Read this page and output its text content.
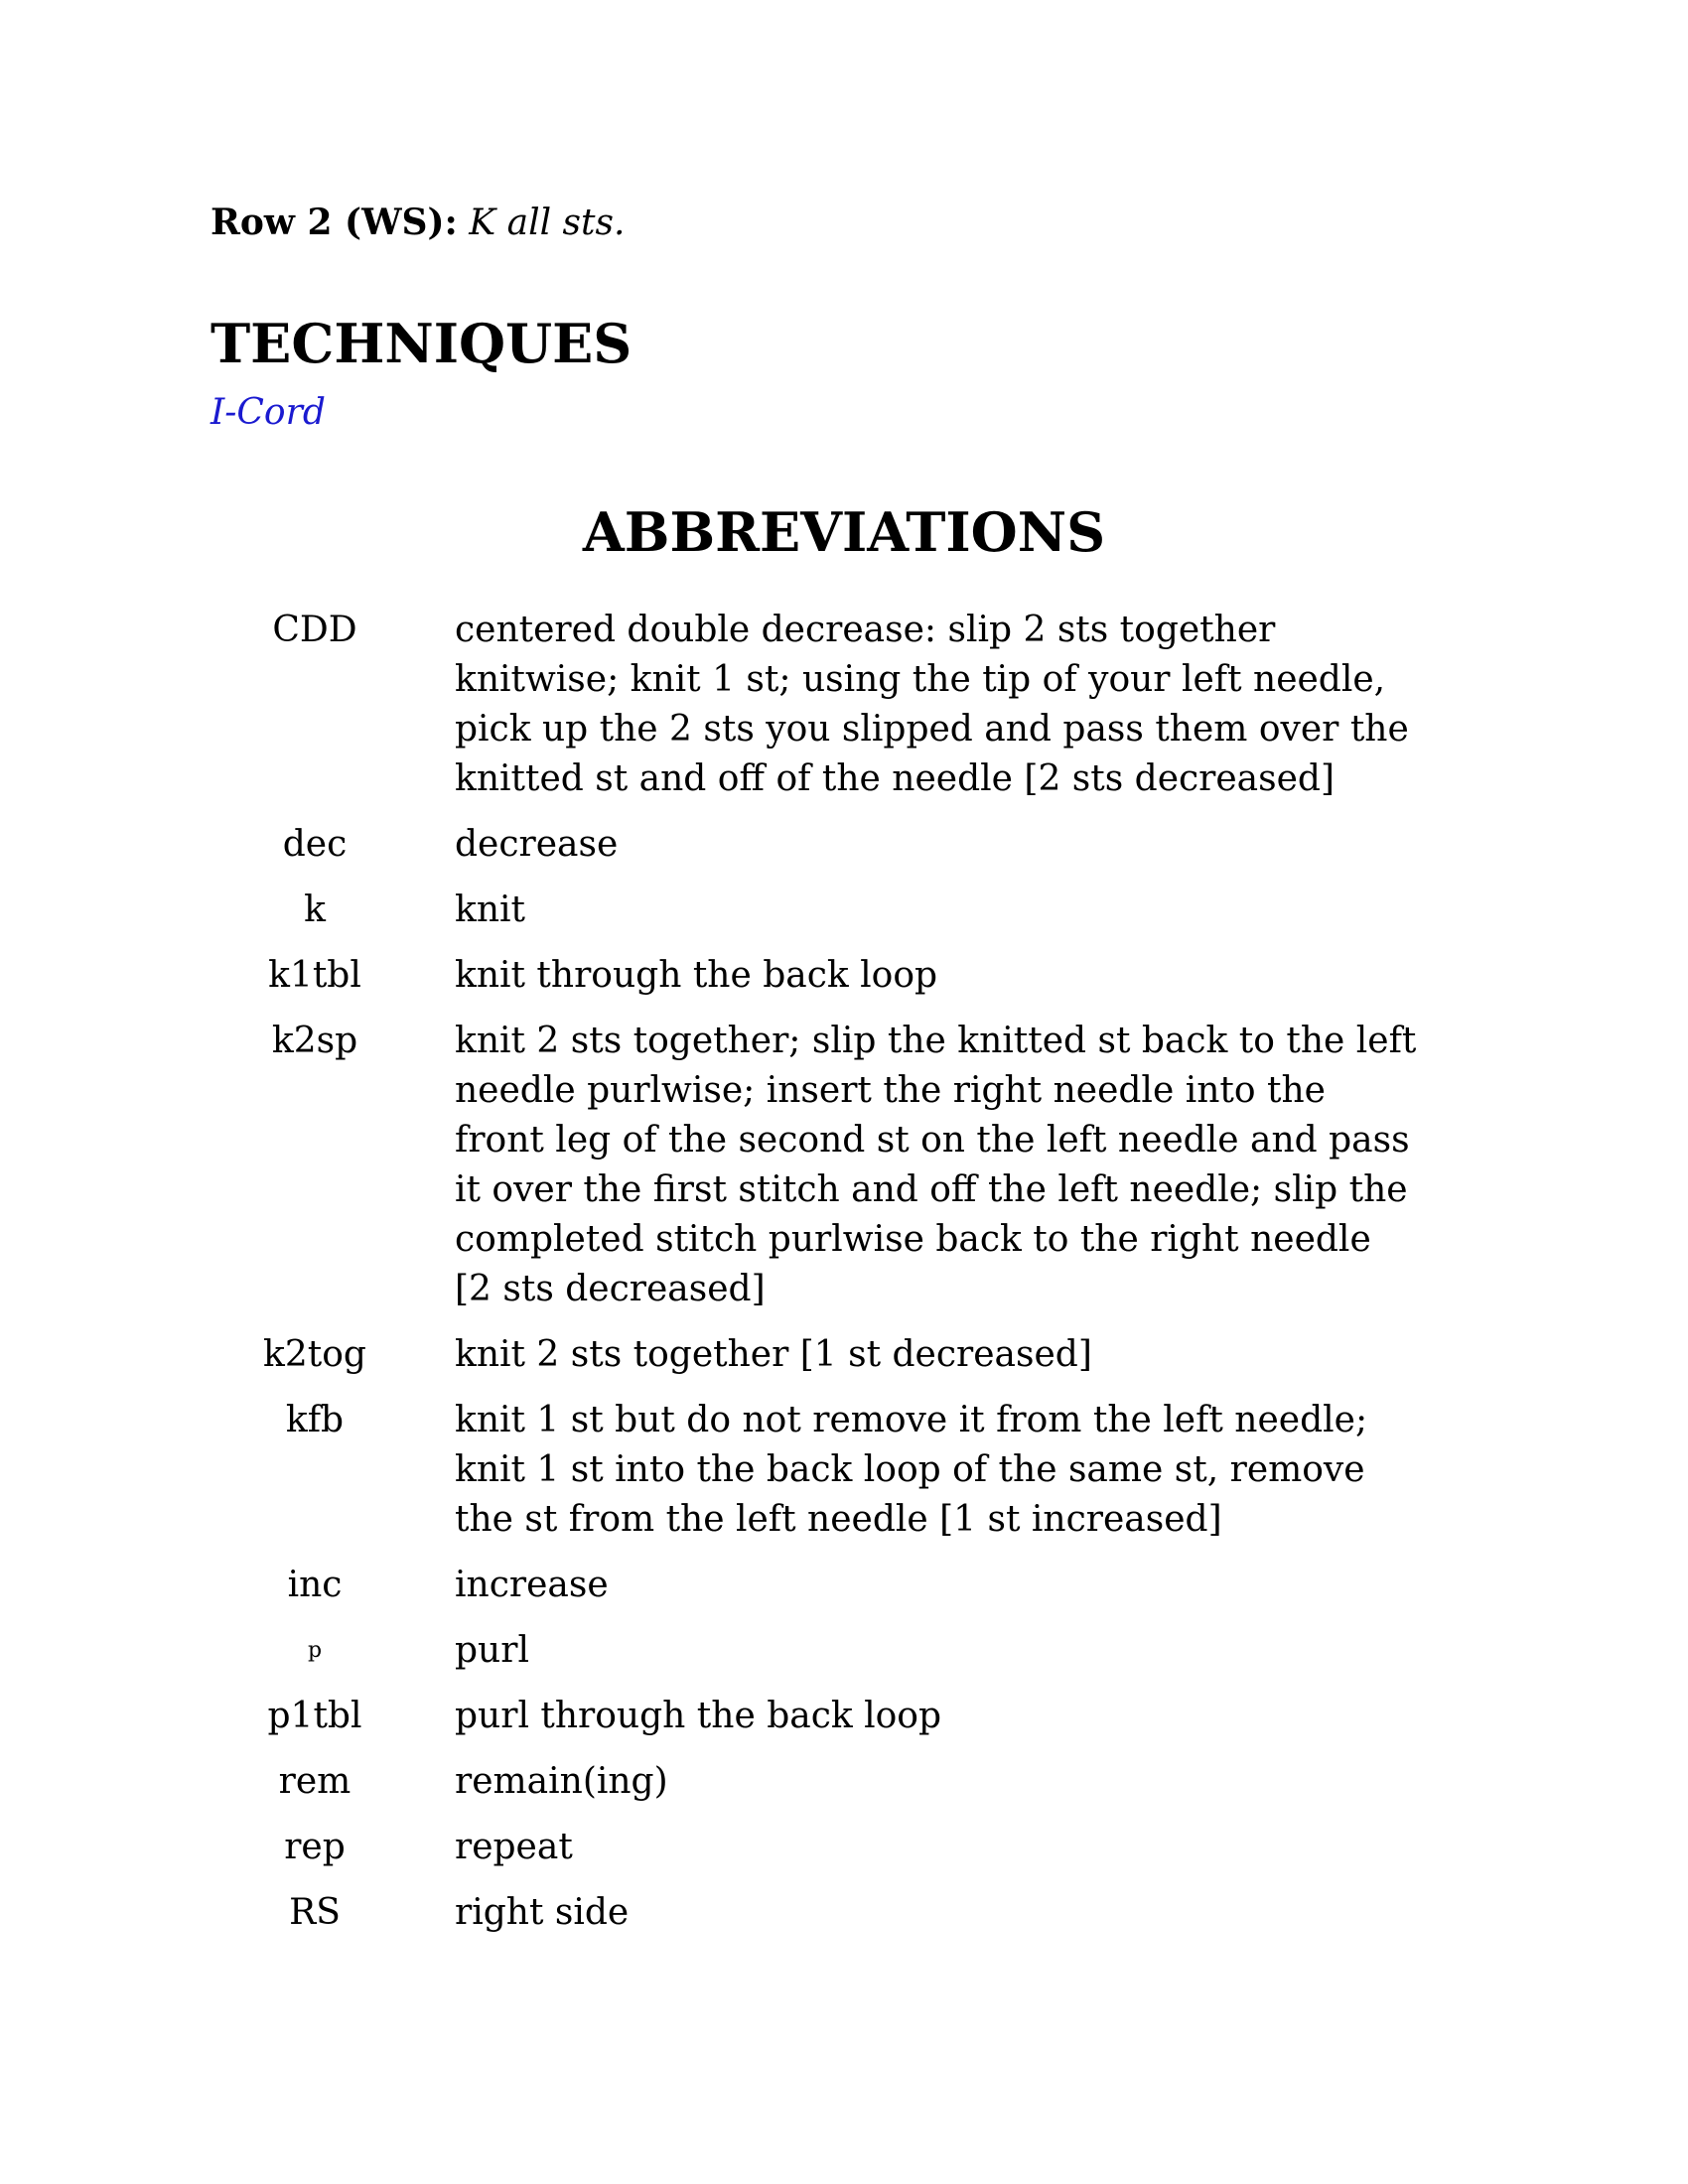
Row 2 (WS): K all sts.
TECHNIQUES
I-Cord
ABBREVIATIONS
CDD	centered double decrease: slip 2 sts together
knitwise; knit 1 st; using the tip of your left needle,
pick up the 2 sts you slipped and pass them over the
knitted st and off of the needle [2 sts decreased]
dec	decrease
k	knit
k1tbl	knit through the back loop
k2sp	knit 2 sts together; slip the knitted st back to the left
needle purlwise; insert the right needle into the
front leg of the second st on the left needle and pass
it over the first stitch and off the left needle; slip the
completed stitch purlwise back to the right needle
[2 sts decreased]
k2tog	knit 2 sts together [1 st decreased]
kfb	knit 1 st but do not remove it from the left needle;
knit 1 st into the back loop of the same st, remove
the st from the left needle [1 st increased]
inc	increase
p	purl
p1tbl	purl through the back loop
rem	remain(ing)
rep	repeat
RS	right side
